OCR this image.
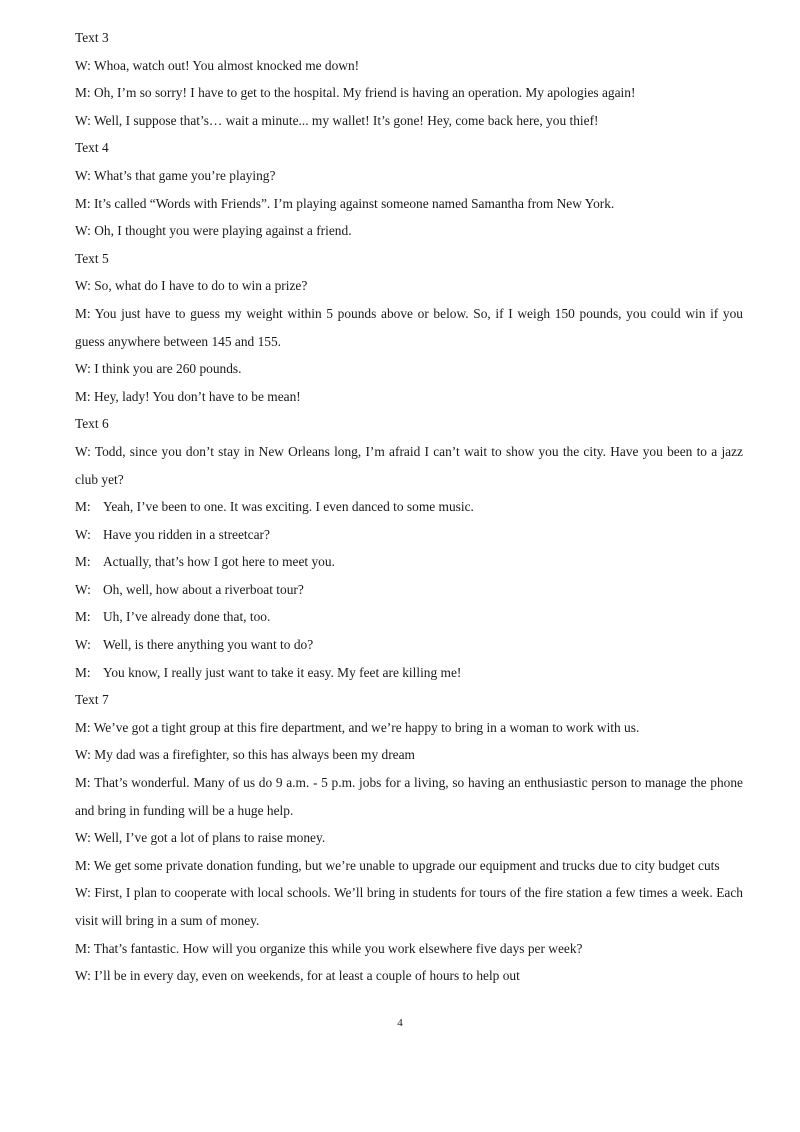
Text 3
W: Whoa, watch out! You almost knocked me down!
M: Oh, I’m so sorry! I have to get to the hospital. My friend is having an operation. My apologies again!
W: Well, I suppose that’s… wait a minute... my wallet! It’s gone! Hey, come back here, you thief!
Text 4
W: What’s that game you’re playing?
M: It’s called “Words with Friends”. I’m playing against someone named Samantha from New York.
W: Oh, I thought you were playing against a friend.
Text 5
W: So, what do I have to do to win a prize?
M: You just have to guess my weight within 5 pounds above or below. So, if I weigh 150 pounds, you could win if you guess anywhere between 145 and 155.
W: I think you are 260 pounds.
M: Hey, lady! You don’t have to be mean!
Text 6
W: Todd, since you don’t stay in New Orleans long, I’m afraid I can’t wait to show you the city. Have you been to a jazz club yet?
M: Yeah, I’ve been to one. It was exciting. I even danced to some music.
W: Have you ridden in a streetcar?
M: Actually, that’s how I got here to meet you.
W: Oh, well, how about a riverboat tour?
M: Uh, I’ve already done that, too.
W: Well, is there anything you want to do?
M: You know, I really just want to take it easy. My feet are killing me!
Text 7
M: We’ve got a tight group at this fire department, and we’re happy to bring in a woman to work with us.
W: My dad was a firefighter, so this has always been my dream
M: That’s wonderful. Many of us do 9 a.m. - 5 p.m. jobs for a living, so having an enthusiastic person to manage the phone and bring in funding will be a huge help.
W: Well, I’ve got a lot of plans to raise money.
M: We get some private donation funding, but we’re unable to upgrade our equipment and trucks due to city budget cuts
W: First, I plan to cooperate with local schools. We’ll bring in students for tours of the fire station a few times a week. Each visit will bring in a sum of money.
M: That’s fantastic. How will you organize this while you work elsewhere five days per week?
W: I’ll be in every day, even on weekends, for at least a couple of hours to help out
4
